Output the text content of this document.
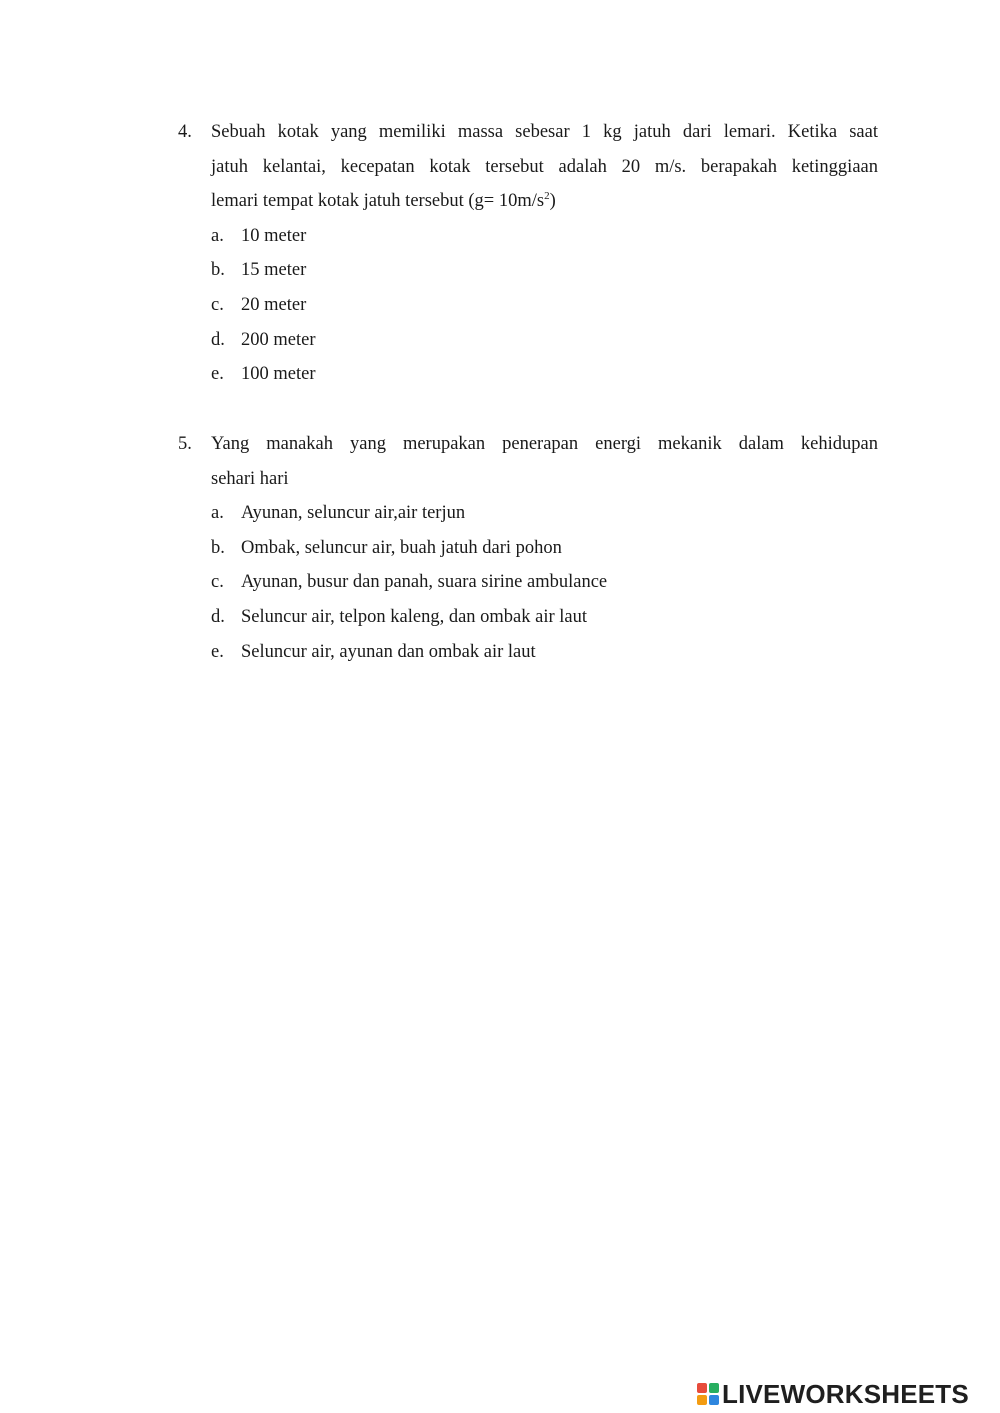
4.	Sebuah kotak yang memiliki massa sebesar 1 kg jatuh dari lemari. Ketika saat
jatuh kelantai, kecepatan kotak tersebut adalah 20 m/s. berapakah ketinggiaan
lemari tempat kotak jatuh tersebut $(g= 10m/s^2)$
a. 10 meter
b. 15 meter
c. 20 meter
d. 200 meter
e. 100 meter
5.	Yang manakah yang merupakan penerapan energi mekanik dalam kehidupan
sehari hari
a. Ayunan, seluncur air,air terjun
b. Ombak, seluncur air, buah jatuh dari pohon
c. Ayunan, busur dan panah, suara sirine ambulance
d. Seluncur air, telpon kaleng, dan ombak air laut
e. Seluncur air, ayunan dan ombak air laut
LIVEWORKSHEETS
